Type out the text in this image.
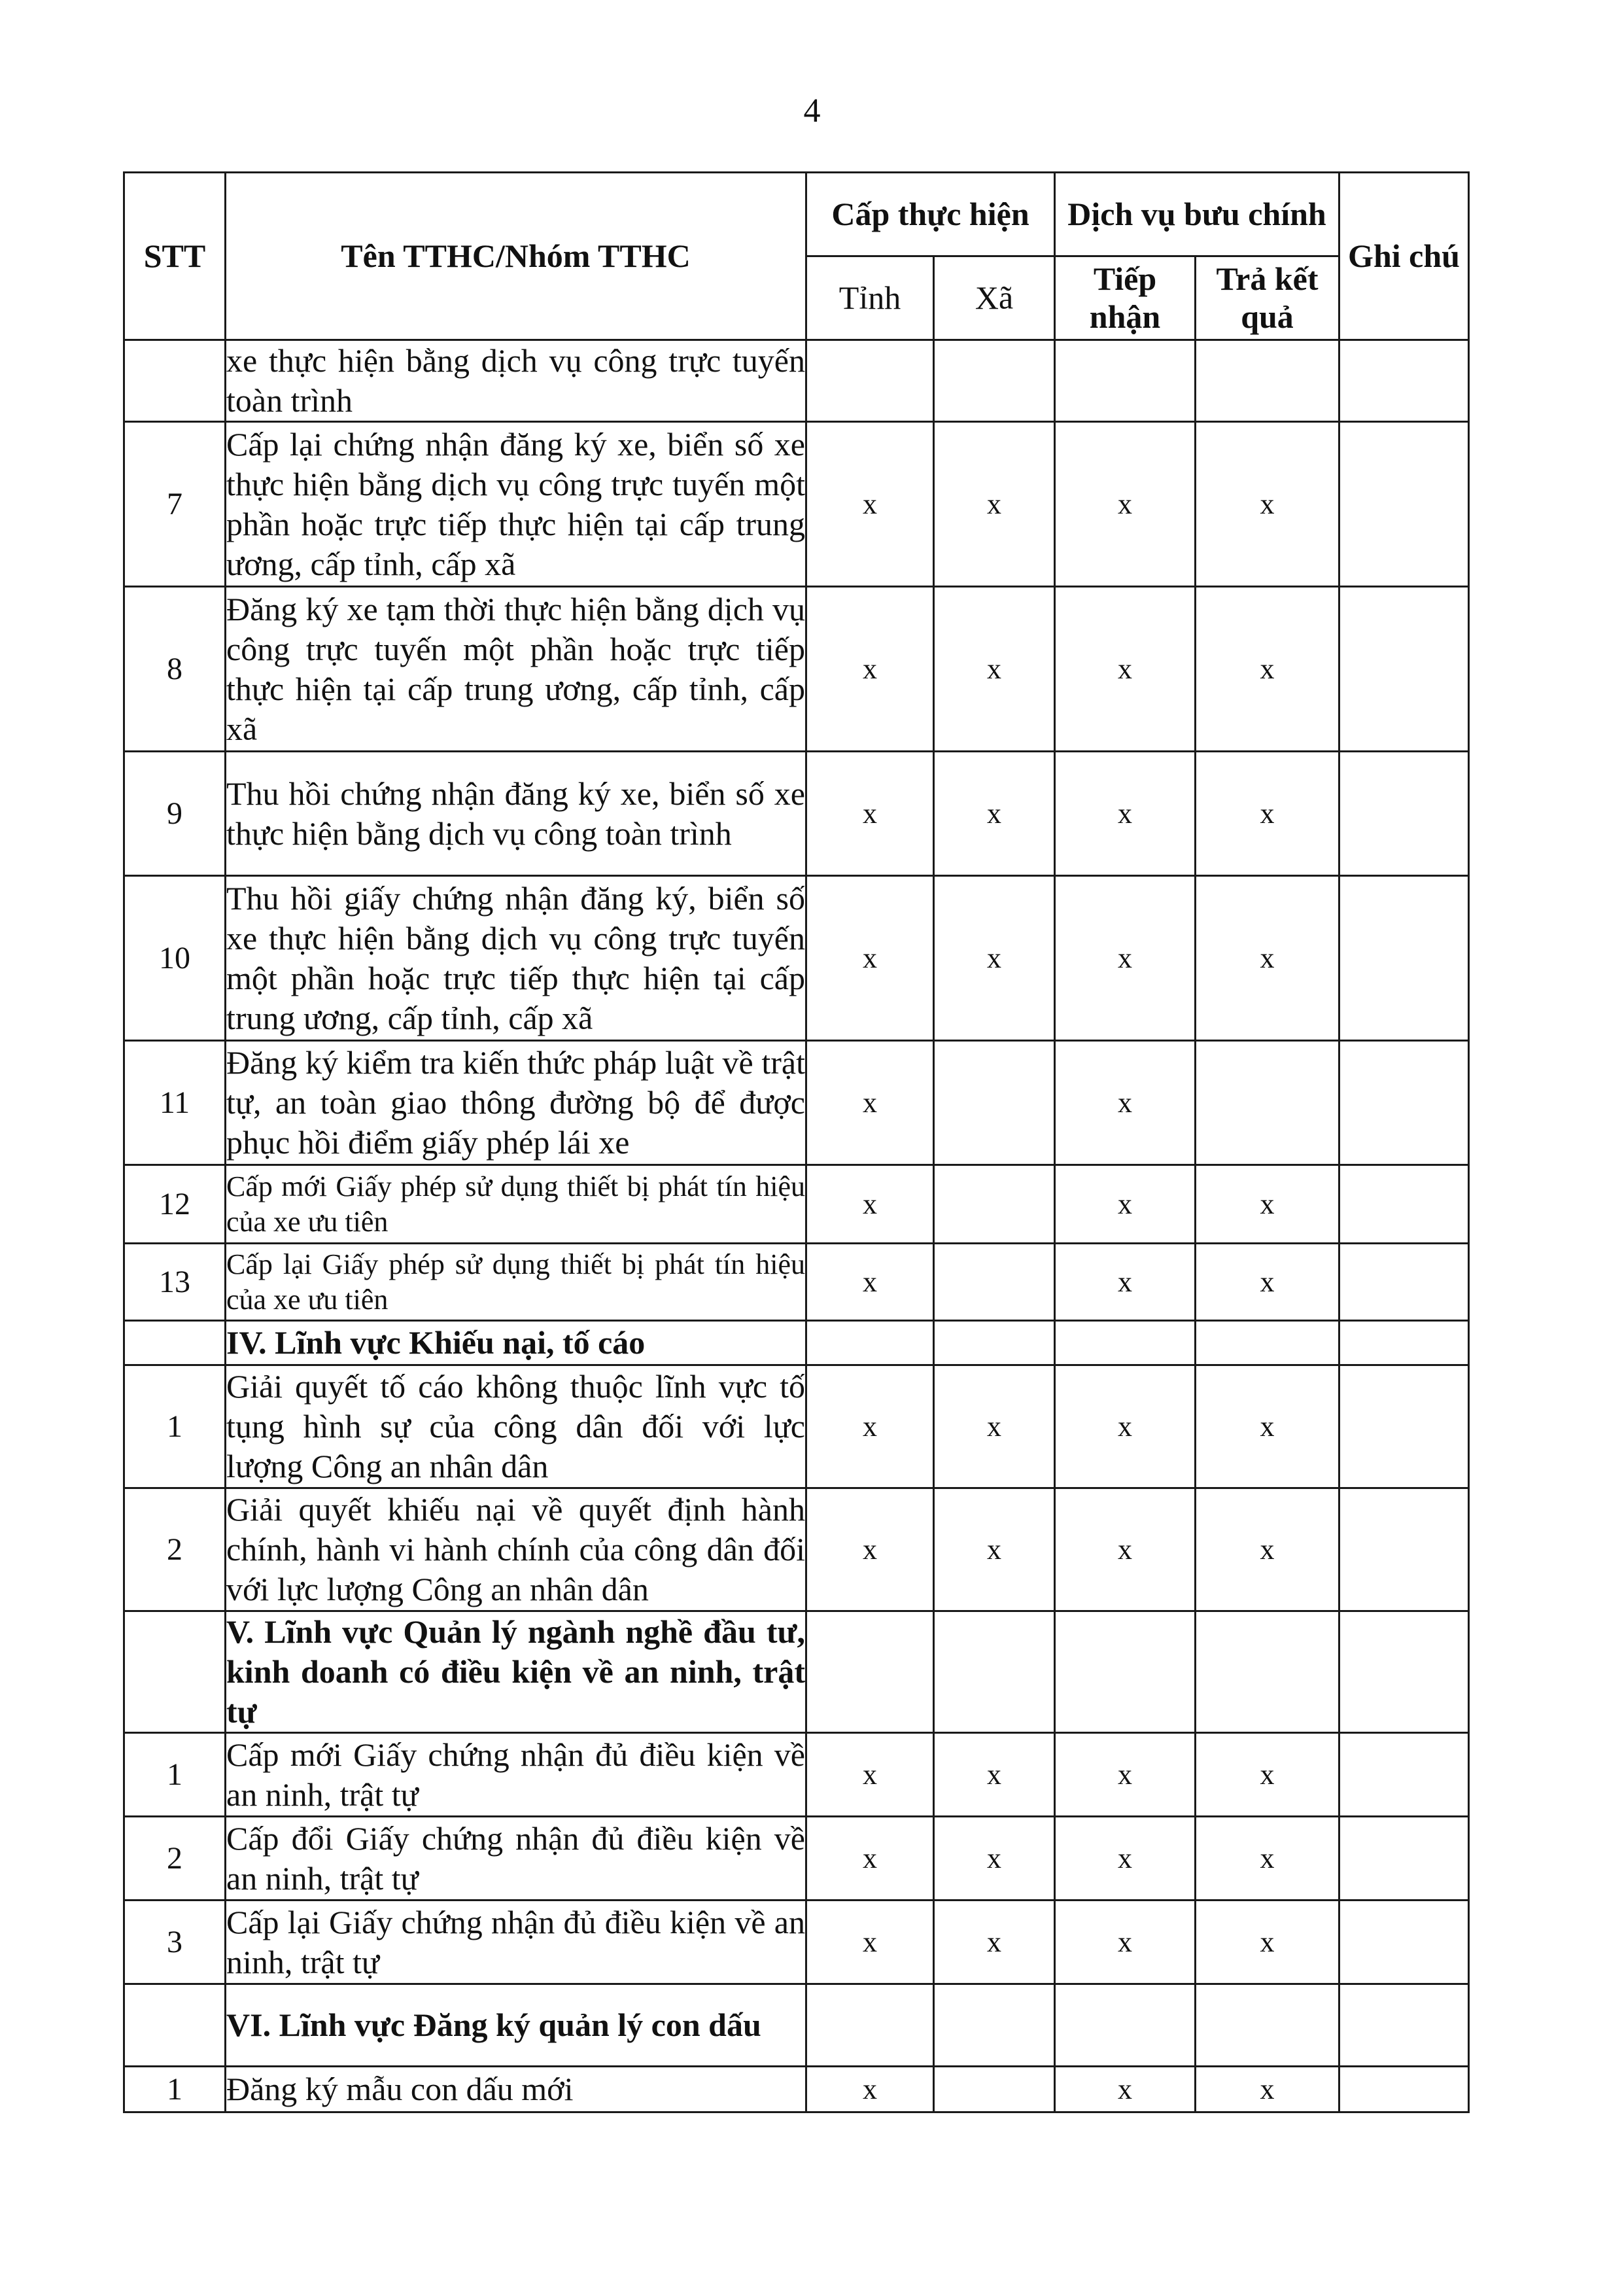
4
STT	Tên TTHC/Nhóm TTHC	Cấp thực hiện		Dịch vụ bưu chính		Ghi chú
		Tỉnh	Xã	Tiếp nhận	Trả kết quả	
	xe thực hiện bằng dịch vụ công trực tuyến toàn trình					
7	Cấp lại chứng nhận đăng ký xe, biển số xe thực hiện bằng dịch vụ công trực tuyến một phần hoặc trực tiếp thực hiện tại cấp trung ương, cấp tỉnh, cấp xã	x	x	x	x	
8	Đăng ký xe tạm thời thực hiện bằng dịch vụ công trực tuyến một phần hoặc trực tiếp thực hiện tại cấp trung ương, cấp tỉnh, cấp xã	x	x	x	x	
9	Thu hồi chứng nhận đăng ký xe, biển số xe thực hiện bằng dịch vụ công toàn trình	x	x	x	x	
10	Thu hồi giấy chứng nhận đăng ký, biển số xe thực hiện bằng dịch vụ công trực tuyến một phần hoặc trực tiếp thực hiện tại cấp trung ương, cấp tỉnh, cấp xã	x	x	x	x	
11	Đăng ký kiểm tra kiến thức pháp luật về trật tự, an toàn giao thông đường bộ để được phục hồi điểm giấy phép lái xe	x		x		
12	Cấp mới Giấy phép sử dụng thiết bị phát tín hiệu của xe ưu tiên	x		x	x	
13	Cấp lại Giấy phép sử dụng thiết bị phát tín hiệu của xe ưu tiên	x		x	x	
	IV. Lĩnh vực Khiếu nại, tố cáo					
1	Giải quyết tố cáo không thuộc lĩnh vực tố tụng hình sự của công dân đối với lực lượng Công an nhân dân	x	x	x	x	
2	Giải quyết khiếu nại về quyết định hành chính, hành vi hành chính của công dân đối với lực lượng Công an nhân dân	x	x	x	x	
	V. Lĩnh vực Quản lý ngành nghề đầu tư, kinh doanh có điều kiện về an ninh, trật tự					
1	Cấp mới Giấy chứng nhận đủ điều kiện về an ninh, trật tự	x	x	x	x	
2	Cấp đổi Giấy chứng nhận đủ điều kiện về an ninh, trật tự	x	x	x	x	
3	Cấp lại Giấy chứng nhận đủ điều kiện về an ninh, trật tự	x	x	x	x	
	VI. Lĩnh vực Đăng ký quản lý con dấu					
1	Đăng ký mẫu con dấu mới	x		x	x	
